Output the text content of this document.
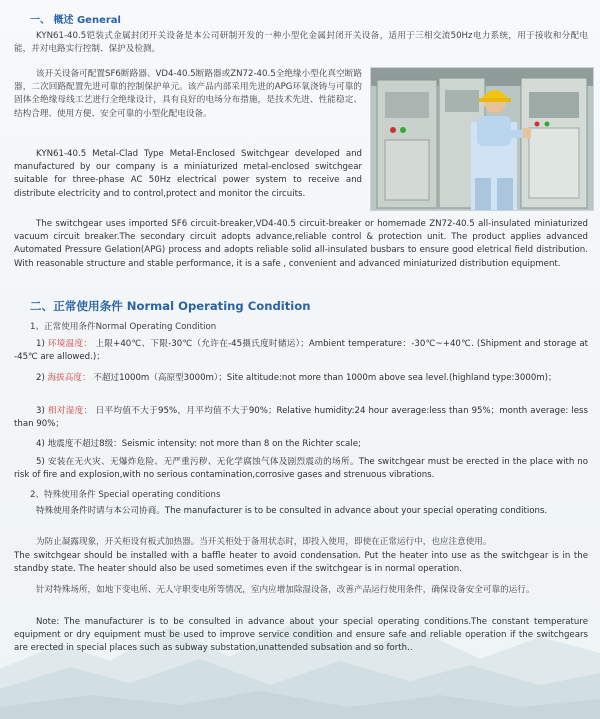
一、 概述 General
KYN61-40.5铠装式金属封闭开关设备是本公司研制开发的一种小型化金属封闭开关设备，适用于三相交流50Hz电力系统，用于接收和分配电能，并对电路实行控制、保护及检测。
该开关设备可配置SF6断路器、VD4-40.5断路器或ZN72-40.5全绝缘小型化真空断路器，二次回路配置先进可靠的控制保护单元。该产品内部采用先进的APG环氧浇铸与可靠的固体全绝缘母线工艺进行全绝缘设计，具有良好的电场分布措施，是技术先进、性能稳定、结构合理、使用方便、安全可靠的小型化配电设备。
KYN61-40.5 Metal-Clad Type Metal-Enclosed Switchgear developed and manufactured by our company is a miniaturized metal-enclosed switchgear suitable for three-phase AC 50Hz electrical power system to receive and distribute electricity and to control,protect and monitor the circuits.
The switchgear uses imported SF6 circuit-breaker,VD4-40.5 circuit-breaker or homemade ZN72-40.5 all-insulated miniaturized vacuum circuit breaker.The secondary circuit adopts advance,reliable control & protection unit. The product applies advanced Automated Pressure Gelation(APG) process and adopts reliable solid all-insulated busbars to ensure good eletrical field distribution. With reasonable structure and stable performance, it is a safe , convenient and advanced miniaturized distribution equipment.
二、正常使用条件 Normal Operating Condition
1、正常使用条件Normal Operating Condition
1) 环境温度： 上限+40℃、下限-30℃（允许在-45摄氏度时储运）；Ambient temperature：-30℃~+40℃. (Shipment and storage at -45℃ are allowed.)；
2) 海拔高度： 不超过1000m（高原型3000m）；Site altitude:not more than 1000m above sea level.(highland type:3000m)；
3) 相对湿度： 日平均值不大于95%，月平均值不大于90%；Relative humidity:24 hour average:less than 95%；month average: less than 90%；
4) 地震度不超过8级：Seismic intensity: not more than 8 on the Richter scale;
5) 安装在无火灾、无爆炸危险、无严重污秽、无化学腐蚀气体及剧烈震动的场所。The switchgear must be erected in the place with no risk of fire and explosion,with no serious contamination,corrosive gases and strenuous vibrations.
2、特殊使用条件 Special operating conditions
特殊使用条件时请与本公司协商。The manufacturer is to be consulted in advance about your special operating conditions.
为防止凝露现象，开关柜设有板式加热器。当开关柜处于备用状态时，即投入使用，即使在正常运行中，也应注意使用。
The switchgear should be installed with a baffle heater to avoid condensation. Put the heater into use as the switchgear is in the standby state. The heater should also be used sometimes even if the switchgear is in normal operation.
针对特殊场所，如地下变电所、无人守职变电所等情况，室内应增加除湿设备，改善产品运行使用条件，确保设备安全可靠的运行。
Note: The manufacturer is to be consulted in advance about your special operating conditions.The constant temperature equipment or dry equipment must be used to improve service condition and ensure safe and reliable operation if the switchgears are erected in special places such as subway substation,unattended subsation and so forth..
